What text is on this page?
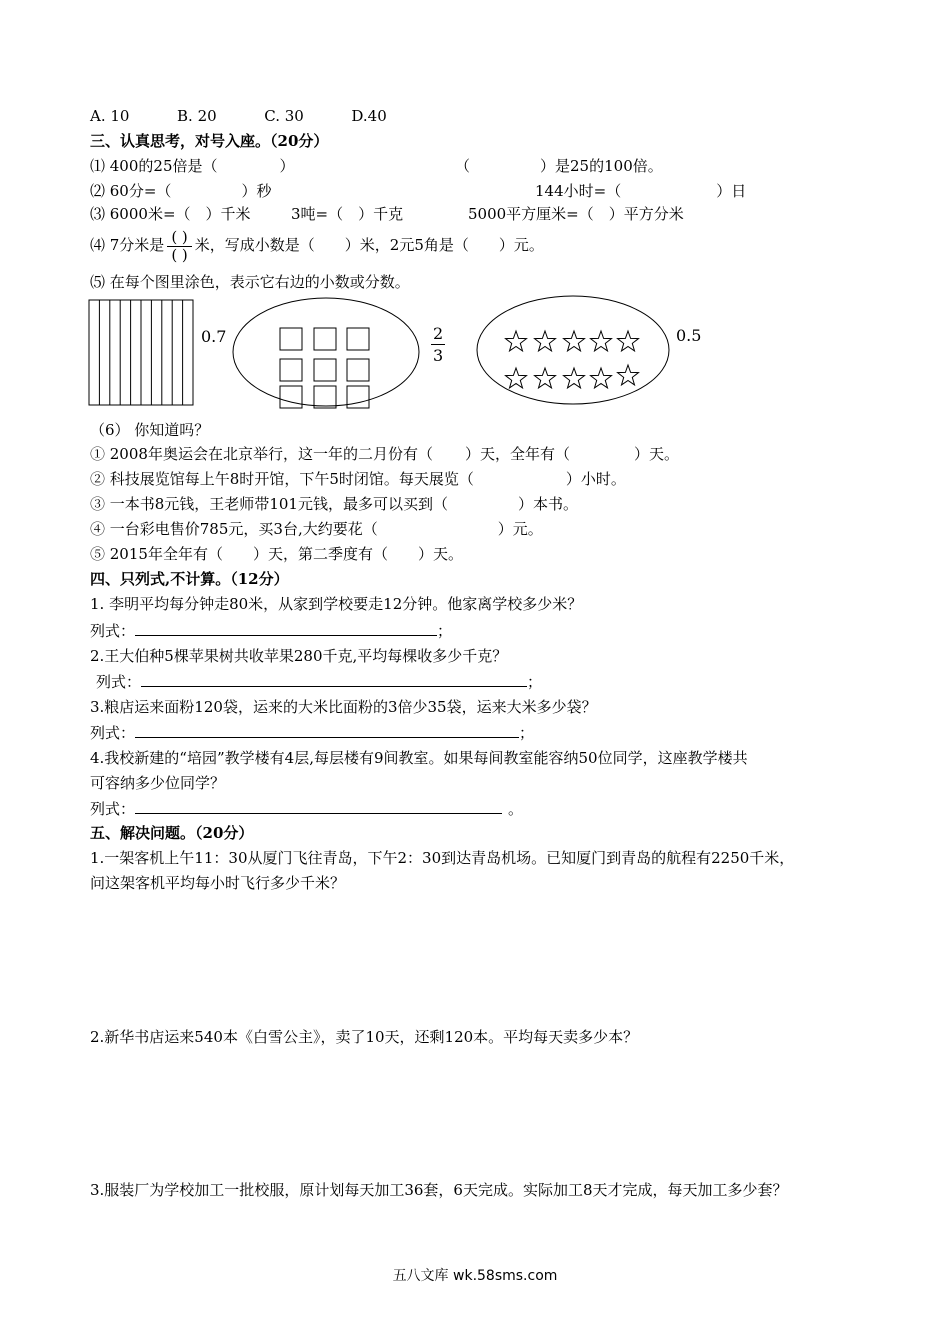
A. 10	B. 20	C. 30	D.40
三、认真思考，对号入座。（20分）
⑴ 400的25倍是（	）	（	）是25的100倍。
⑵ 60分=（	）秒	144小时=（	）日
⑶ 6000米=（　）千米	3吨=（　）千克	5000平方厘米=（　）平方分米
⑷ 7分米是 $\frac{( )}{( )}$ 米，写成小数是（　　）米，2元5角是（　　）元。
⑸ 在每个图里涂色，表示它右边的小数或分数。
0.7	2
3
0.5
（6） 你知道吗？
① 2008年奥运会在北京举行，这一年的二月份有（ ）天，全年有（	）天。
② 科技展览馆每上午8时开馆，下午5时闭馆。每天展览（	）小时。
③ 一本书8元钱，王老师带101元钱，最多可以买到（	）本书。
④ 一台彩电售价785元，买3台,大约要花（	）元。
⑤ 2015年全年有（　　）天，第二季度有（　　）天。
四、只列式,不计算。（12分）
1. 李明平均每分钟走80米，从家到学校要走12分钟。他家离学校多少米？
列式：	；
2.王大伯种5棵苹果树共收苹果280千克,平均每棵收多少千克？
列式：	；
3.粮店运来面粉120袋，运来的大米比面粉的3倍少35袋，运来大米多少袋？
列式：	；
4.我校新建的“培园”教学楼有4层,每层楼有9间教室。如果每间教室能容纳50位同学，这座教学楼共
可容纳多少位同学？
列式：	。
五、解决问题。（20分）
1.一架客机上午11：30从厦门飞往青岛，下午2：30到达青岛机场。已知厦门到青岛的航程有2250千米，
问这架客机平均每小时飞行多少千米？
2.新华书店运来540本《白雪公主》，卖了10天，还剩120本。平均每天卖多少本？
3.服装厂为学校加工一批校服，原计划每天加工36套，6天完成。实际加工8天才完成，每天加工多少套？
五八文库 wk.58sms.com
